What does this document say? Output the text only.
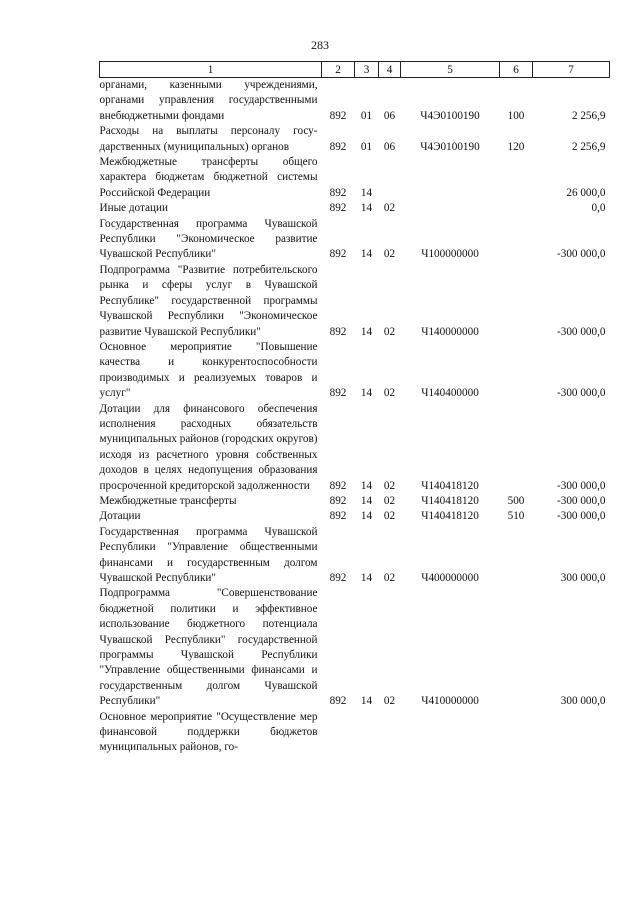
283
1	2	3	4	5	6	7
органами, казенными учреждениями, органами управления государственными внебюджетными фондами	892	01	06	Ч4Э0100190	100	2 256,9
Расходы на выплаты персоналу государственных (муниципальных) органов	892	01	06	Ч4Э0100190	120	2 256,9
Межбюджетные трансферты общего характера бюджетам бюджетной системы Российской Федерации	892	14				26 000,0
Иные дотации	892	14	02			0,0
Государственная программа Чувашской Республики "Экономическое развитие Чувашской Республики"	892	14	02	Ч100000000		-300 000,0
Подпрограмма "Развитие потребительского рынка и сферы услуг в Чувашской Республике" государственной программы Чувашской Республики "Экономическое развитие Чувашской Республики"	892	14	02	Ч140000000		-300 000,0
Основное мероприятие "Повышение качества и конкурентоспособности производимых и реализуемых товаров и услуг"	892	14	02	Ч140400000		-300 000,0
Дотации для финансового обеспечения исполнения расходных обязательств муниципальных районов (городских округов) исходя из расчетного уровня собственных доходов в целях недопущения образования просроченной кредиторской задолженности	892	14	02	Ч140418120		-300 000,0
Межбюджетные трансферты	892	14	02	Ч140418120	500	-300 000,0
Дотации	892	14	02	Ч140418120	510	-300 000,0
Государственная программа Чувашской Республики "Управление общественными финансами и государственным долгом Чувашской Республики"	892	14	02	Ч400000000		300 000,0
Подпрограмма "Совершенствование бюджетной политики и эффективное использование бюджетного потенциала Чувашской Республики" государственной программы Чувашской Республики "Управление общественными финансами и государственным долгом Чувашской Республики"	892	14	02	Ч410000000		300 000,0
Основное мероприятие "Осуществление мер финансовой поддержки бюджетов муниципальных районов, го-						
